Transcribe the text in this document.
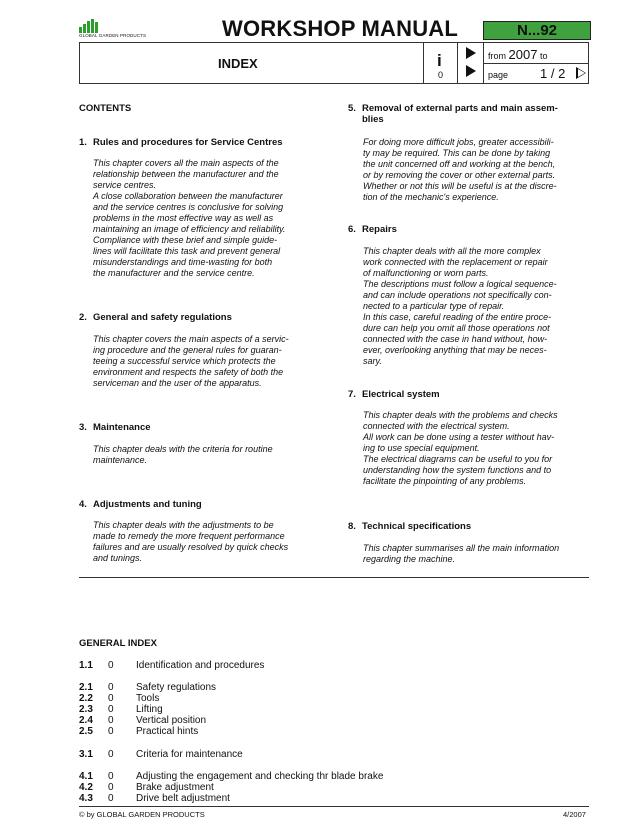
GLOBAL GARDEN PRODUCTS	WORKSHOP MANUAL	N...92
INDEX	i
0
from 2007 to
page 1 / 2
CONTENTS
1. Rules and procedures for Service Centres
This chapter covers all the main aspects of the
relationship between the manufacturer and the
service centres.
A close collaboration between the manufacturer
and the service centres is conclusive for solving
problems in the most effective way as well as
maintaining an image of efficiency and reliability.
Compliance with these brief and simple guide-
lines will facilitate this task and prevent general
misunderstandings and time-wasting for both
the manufacturer and the service centre.
2. General and safety regulations
This chapter covers the main aspects of a servic-
ing procedure and the general rules for guaran-
teeing a successful service which protects the
environment and respects the safety of both the
serviceman and the user of the apparatus.
3. Maintenance
This chapter deals with the criteria for routine
maintenance.
4. Adjustments and tuning
This chapter deals with the adjustments to be
made to remedy the more frequent performance
failures and are usually resolved by quick checks
and tunings.
5. Removal of external parts and main assem-
blies
For doing more difficult jobs, greater accessibili-
ty may be required. This can be done by taking
the unit concerned off and working at the bench,
or by removing the cover or other external parts.
Whether or not this will be useful is at the discre-
tion of the mechanic's experience.
6. Repairs
This chapter deals with all the more complex
work connected with the replacement or repair
of malfunctioning or worn parts.
The descriptions must follow a logical sequence-
and can include operations not specifically con-
nected to a particular type of repair.
In this case, careful reading of the entire proce-
dure can help you omit all those operations not
connected with the case in hand without, how-
ever, overlooking anything that may be neces-
sary.
7. Electrical system
This chapter deals with the problems and checks
connected with the electrical system.
All work can be done using a tester without hav-
ing to use special equipment.
The electrical diagrams can be useful to you for
understanding how the system functions and to
facilitate the pinpointing of any problems.
8. Technical specifications
This chapter summarises all the main information
regarding the machine.
GENERAL INDEX
1.1 0 Identification and procedures
2.1 0 Safety regulations
2.2 0 Tools
2.3 0 Lifting
2.4 0 Vertical position
2.5 0 Practical hints
3.1 0 Criteria for maintenance
4.1 0 Adjusting the engagement and checking thr blade brake
4.2 0 Brake adjustment
4.3 0 Drive belt adjustment
© by GLOBAL GARDEN PRODUCTS	4/2007
